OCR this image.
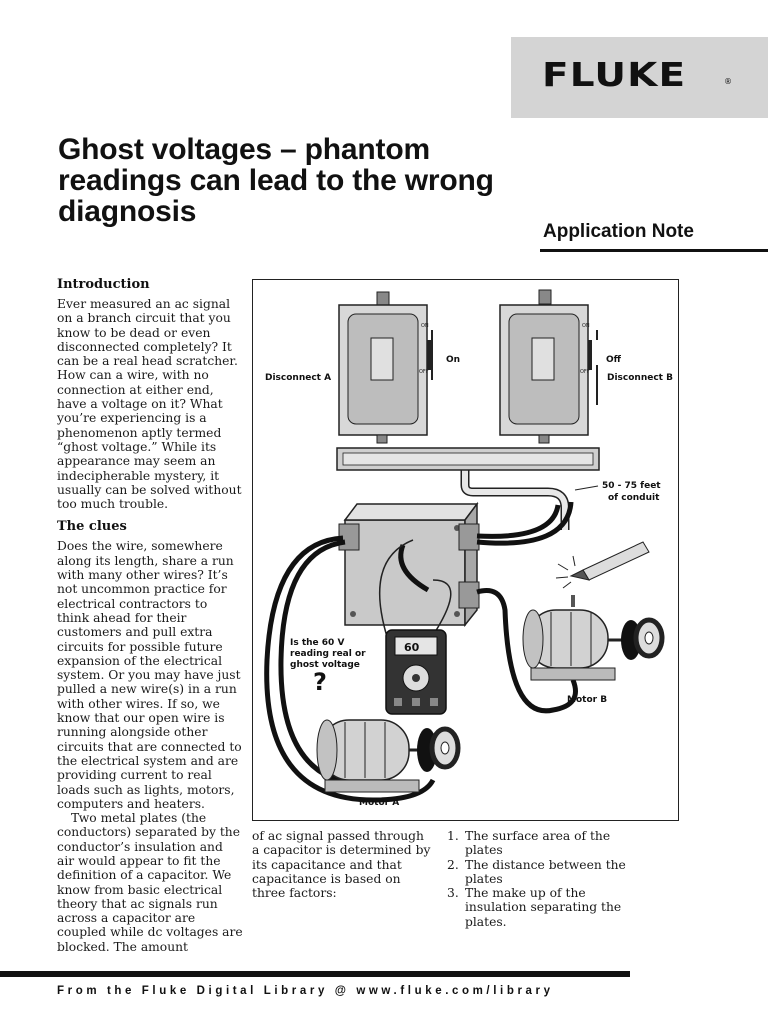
FLUKE	®
Ghost voltages – phantom readings can lead to the wrong diagnosis
Application Note
Introduction

Ever measured an ac signal on a branch circuit that you know to be dead or even disconnected completely? It can be a real head scratcher. How can a wire, with no connection at either end, have a voltage on it? What you’re experiencing is a phenomenon aptly termed “ghost voltage.” While its appearance may seem an indecipherable mystery, it usually can be solved without too much trouble.

The clues

Does the wire, somewhere along its length, share a run with many other wires? It’s not uncommon practice for electrical contractors to think ahead for their customers and pull extra circuits for possible future expansion of the electrical system. Or you may have just pulled a new wire(s) in a run with other wires. If so, we know that our open wire is running alongside other circuits that are connected to the electrical system and are providing current to real loads such as lights, motors, computers and heaters.

Two metal plates (the conductors) separated by the conductor’s insulation and air would appear to fit the definition of a capacitor. We know from basic electrical theory that ac signals run across a capacitor are coupled while dc voltages are blocked. The amount

ON
OFF
On
Disconnect A
ON
OFF
Off
Disconnect B
50 - 75 feet
of conduit
60
Is the 60 V
reading real or
ghost voltage
?
Motor B
Motor A

of ac signal passed through a capacitor is determined by its capacitance and that capacitance is based on three factors:

1. The surface area of the plates
2. The distance between the plates
3. The make up of the insulation separating the plates.
From the Fluke Digital Library @ www.fluke.com/library
